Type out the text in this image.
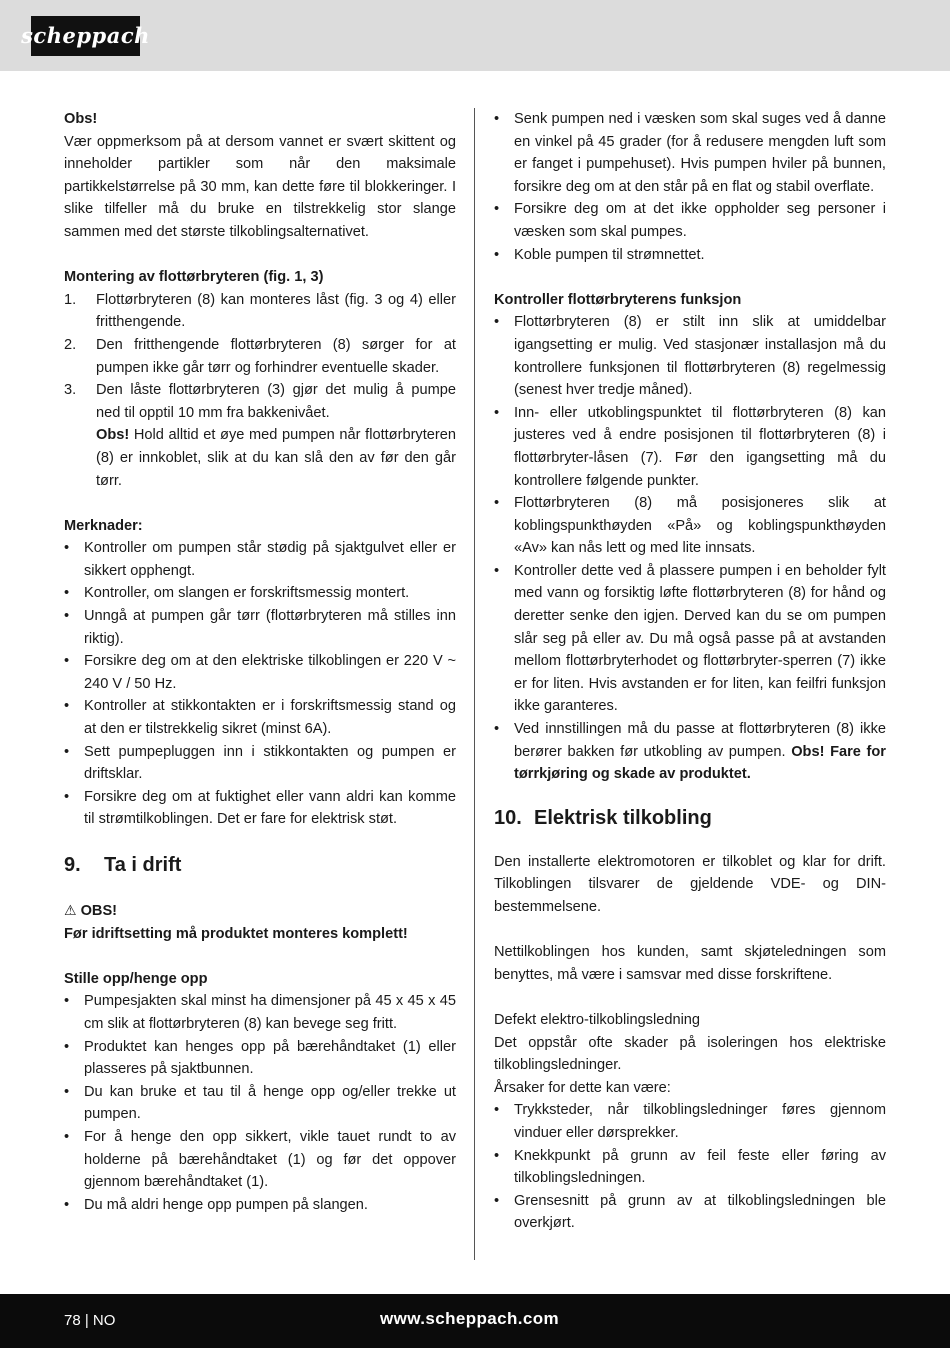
scheppach

Obs!

Vær oppmerksom på at dersom vannet er svært skittent og inneholder partikler som når den maksimale partikkelstørrelse på 30 mm, kan dette føre til blokkeringer. I slike tilfeller må du bruke en tilstrekkelig stor slange sammen med det største tilkoblingsalternativet.

Montering av flottørbryteren (fig. 1, 3)

1. Flottørbryteren (8) kan monteres låst (fig. 3 og 4) eller fritthengende.
2. Den fritthengende flottørbryteren (8) sørger for at pumpen ikke går tørr og forhindrer eventuelle skader.
3. Den låste flottørbryteren (3) gjør det mulig å pumpe ned til opptil 10 mm fra bakkenivået.
Obs! Hold alltid et øye med pumpen når flottørbryteren (8) er innkoblet, slik at du kan slå den av før den går tørr.

Merknader:

• Kontroller om pumpen står stødig på sjaktgulvet eller er sikkert opphengt.
• Kontroller, om slangen er forskriftsmessig montert.
• Unngå at pumpen går tørr (flottørbryteren må stilles inn riktig).
• Forsikre deg om at den elektriske tilkoblingen er 220 V ~ 240 V / 50 Hz.
• Kontroller at stikkontakten er i forskriftsmessig stand og at den er tilstrekkelig sikret (minst 6A).
• Sett pumpepluggen inn i stikkontakten og pumpen er driftsklar.
• Forsikre deg om at fuktighet eller vann aldri kan komme til strømtilkoblingen. Det er fare for elektrisk støt.
9. Ta i drift

⚠ OBS!

Før idriftsetting må produktet monteres komplett!

Stille opp/henge opp

• Pumpesjakten skal minst ha dimensjoner på 45 x 45 x 45 cm slik at flottørbryteren (8) kan bevege seg fritt.
• Produktet kan henges opp på bærehåndtaket (1) eller plasseres på sjaktbunnen.
• Du kan bruke et tau til å henge opp og/eller trekke ut pumpen.
• For å henge den opp sikkert, vikle tauet rundt to av holderne på bærehåndtaket (1) og før det oppover gjennom bærehåndtaket (1).
• Du må aldri henge opp pumpen på slangen.
• Senk pumpen ned i væsken som skal suges ved å danne en vinkel på 45 grader (for å redusere mengden luft som er fanget i pumpehuset). Hvis pumpen hviler på bunnen, forsikre deg om at den står på en flat og stabil overflate.
• Forsikre deg om at det ikke oppholder seg personer i væsken som skal pumpes.
• Koble pumpen til strømnettet.

Kontroller flottørbryterens funksjon

• Flottørbryteren (8) er stilt inn slik at umiddelbar igangsetting er mulig. Ved stasjonær installasjon må du kontrollere funksjonen til flottørbryteren (8) regelmessig (senest hver tredje måned).
• Inn- eller utkoblingspunktet til flottørbryteren (8) kan justeres ved å endre posisjonen til flottørbryteren (8) i flottørbryter-låsen (7). Før den igangsetting må du kontrollere følgende punkter.
• Flottørbryteren (8) må posisjoneres slik at koblingspunkthøyden «På» og koblingspunkthøyden «Av» kan nås lett og med lite innsats.
• Kontroller dette ved å plassere pumpen i en beholder fylt med vann og forsiktig løfte flottørbryteren (8) for hånd og deretter senke den igjen. Derved kan du se om pumpen slår seg på eller av. Du må også passe på at avstanden mellom flottørbryterhodet og flottørbryter-sperren (7) ikke er for liten. Hvis avstanden er for liten, kan feilfri funksjon ikke garanteres.
• Ved innstillingen må du passe at flottørbryteren (8) ikke berører bakken før utkobling av pumpen. Obs! Fare for tørrkjøring og skade av produktet.
10. Elektrisk tilkobling

Den installerte elektromotoren er tilkoblet og klar for drift. Tilkoblingen tilsvarer de gjeldende VDE- og DIN-bestemmelsene.

Nettilkoblingen hos kunden, samt skjøteledningen som benyttes, må være i samsvar med disse forskriftene.

Defekt elektro-tilkoblingsledning

Det oppstår ofte skader på isoleringen hos elektriske tilkoblingsledninger.

Årsaker for dette kan være:

• Trykksteder, når tilkoblingsledninger føres gjennom vinduer eller dørsprekker.
• Knekkpunkt på grunn av feil feste eller føring av tilkoblingsledningen.
• Grensesnitt på grunn av at tilkoblingsledningen ble overkjørt.
78 | NO	www.scheppach.com
